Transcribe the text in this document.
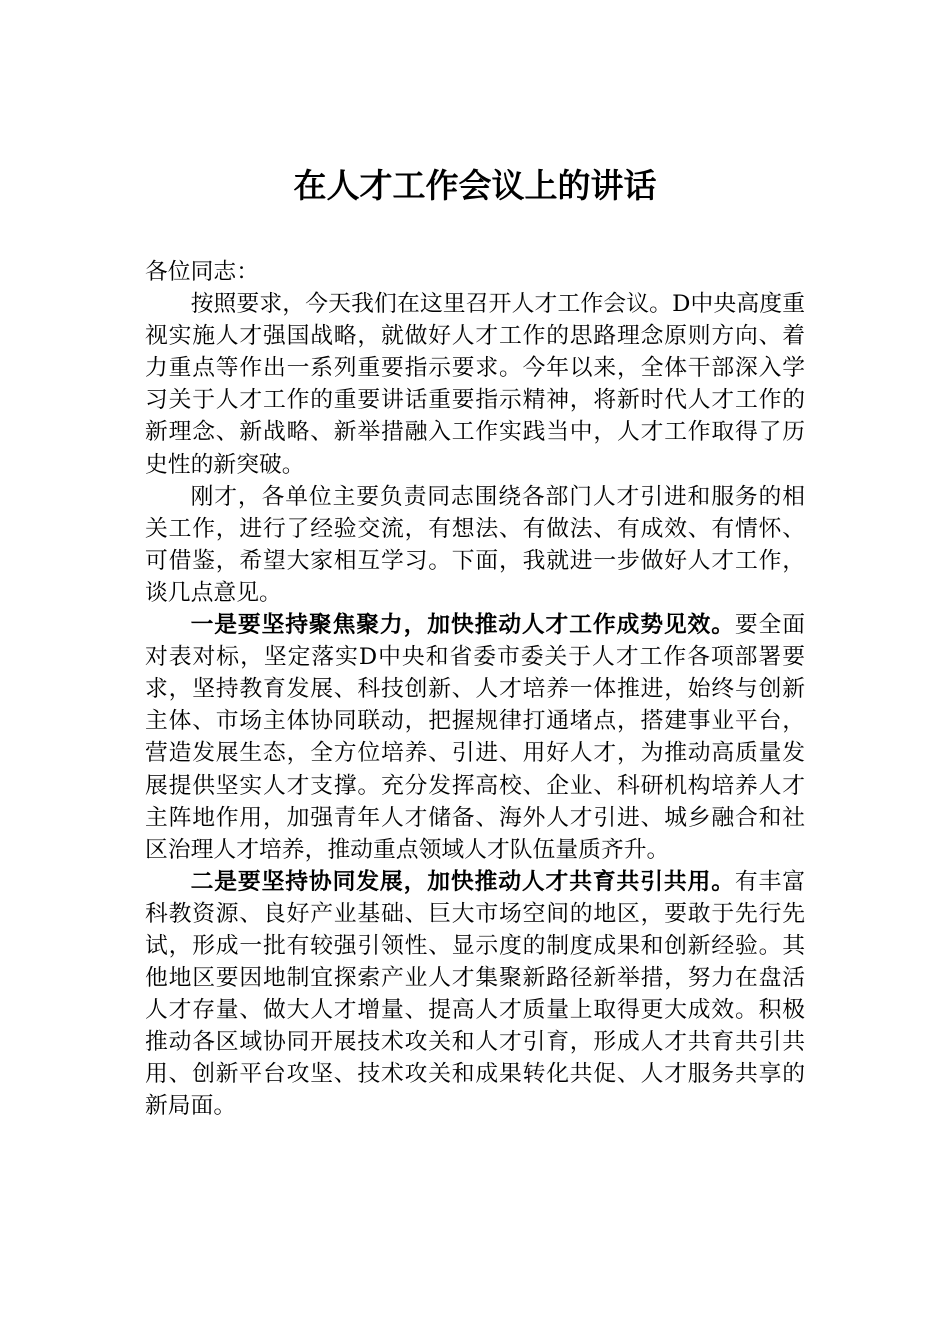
在人才工作会议上的讲话

各位同志：

按照要求，今天我们在这里召开人才工作会议。D中央高度重视实施人才强国战略，就做好人才工作的思路理念原则方向、着力重点等作出一系列重要指示要求。今年以来，全体干部深入学习关于人才工作的重要讲话重要指示精神，将新时代人才工作的新理念、新战略、新举措融入工作实践当中，人才工作取得了历史性的新突破。

刚才，各单位主要负责同志围绕各部门人才引进和服务的相关工作，进行了经验交流，有想法、有做法、有成效、有情怀、可借鉴，希望大家相互学习。下面，我就进一步做好人才工作，谈几点意见。

一是要坚持聚焦聚力，加快推动人才工作成势见效。要全面对表对标，坚定落实D中央和省委市委关于人才工作各项部署要求，坚持教育发展、科技创新、人才培养一体推进，始终与创新主体、市场主体协同联动，把握规律打通堵点，搭建事业平台，营造发展生态，全方位培养、引进、用好人才，为推动高质量发展提供坚实人才支撑。充分发挥高校、企业、科研机构培养人才主阵地作用，加强青年人才储备、海外人才引进、城乡融合和社区治理人才培养，推动重点领域人才队伍量质齐升。

二是要坚持协同发展，加快推动人才共育共引共用。有丰富科教资源、良好产业基础、巨大市场空间的地区，要敢于先行先试，形成一批有较强引领性、显示度的制度成果和创新经验。其他地区要因地制宜探索产业人才集聚新路径新举措，努力在盘活人才存量、做大人才增量、提高人才质量上取得更大成效。积极推动各区域协同开展技术攻关和人才引育，形成人才共育共引共用、创新平台攻坚、技术攻关和成果转化共促、人才服务共享的新局面。
